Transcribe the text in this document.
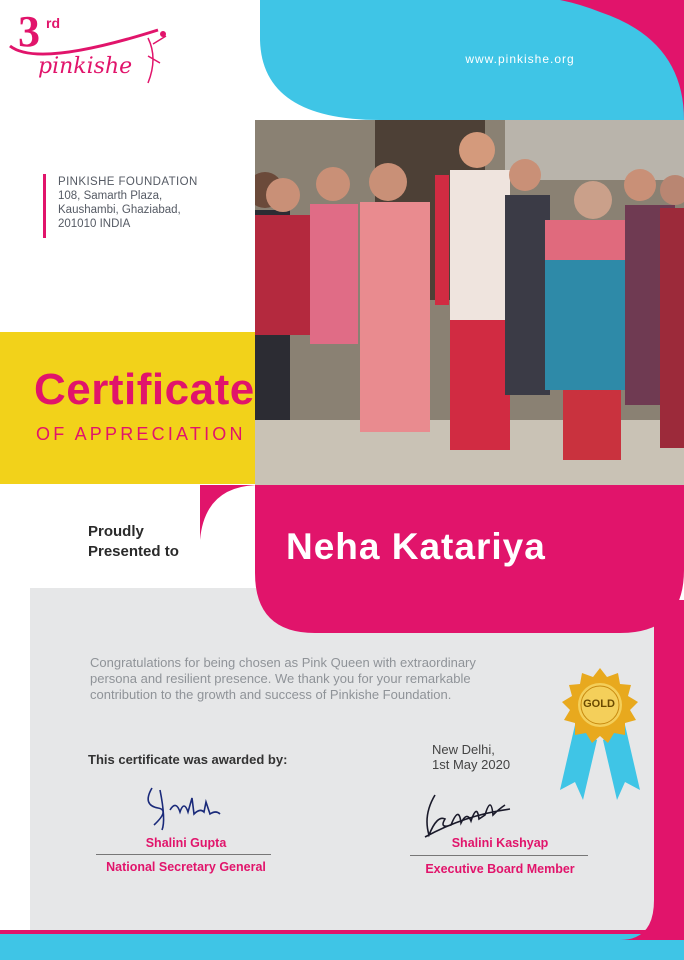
3 rd
pinkishe	www.pinkishe.org
PINKISHE FOUNDATION
108, Samarth Plaza,
Kaushambi, Ghaziabad,
201010 INDIA
Certificate
OF APPRECIATION
Proudly
Presented to	Neha Katariya
Congratulations for being chosen as Pink Queen with extraordinary persona and resilient presence. We thank you for your remarkable contribution to the growth and success of Pinkishe Foundation.
This certificate was awarded by:
New Delhi,
1st May 2020
Shalini Gupta
National Secretary General
Shalini Kashyap
Executive Board Member
GOLD
